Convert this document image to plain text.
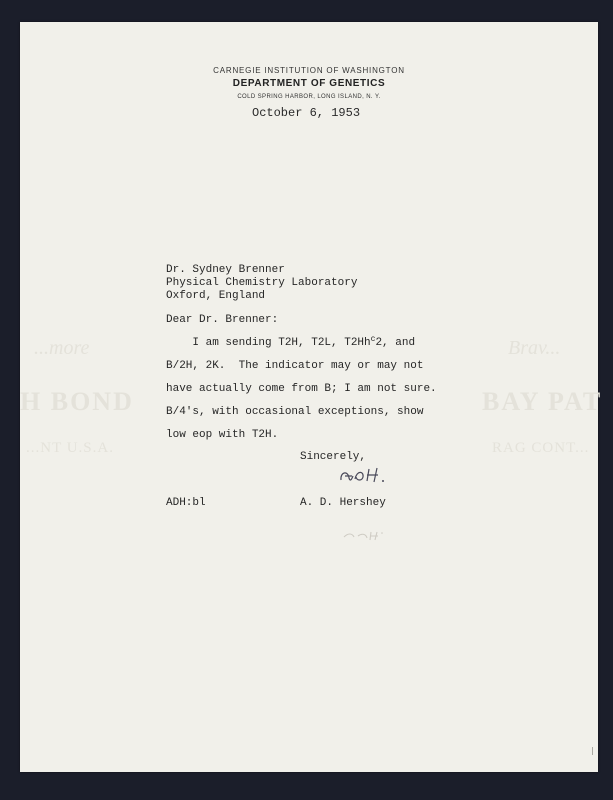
...more
H BOND
...NT U.S.A.
Brav...
BAY PAT
RAG CONT...
CARNEGIE INSTITUTION OF WASHINGTON
DEPARTMENT OF GENETICS
COLD SPRING HARBOR, LONG ISLAND, N. Y.
October 6, 1953
Dr. Sydney Brenner
Physical Chemistry Laboratory
Oxford, England
Dear Dr. Brenner:
I am sending T2H, T2L, T2Hh$^c$2, and
B/2H, 2K.  The indicator may or may not
have actually come from B; I am not sure.
B/4's, with occasional exceptions, show
low eop with T2H.
Sincerely,
ADH:bl	A. D. Hershey
